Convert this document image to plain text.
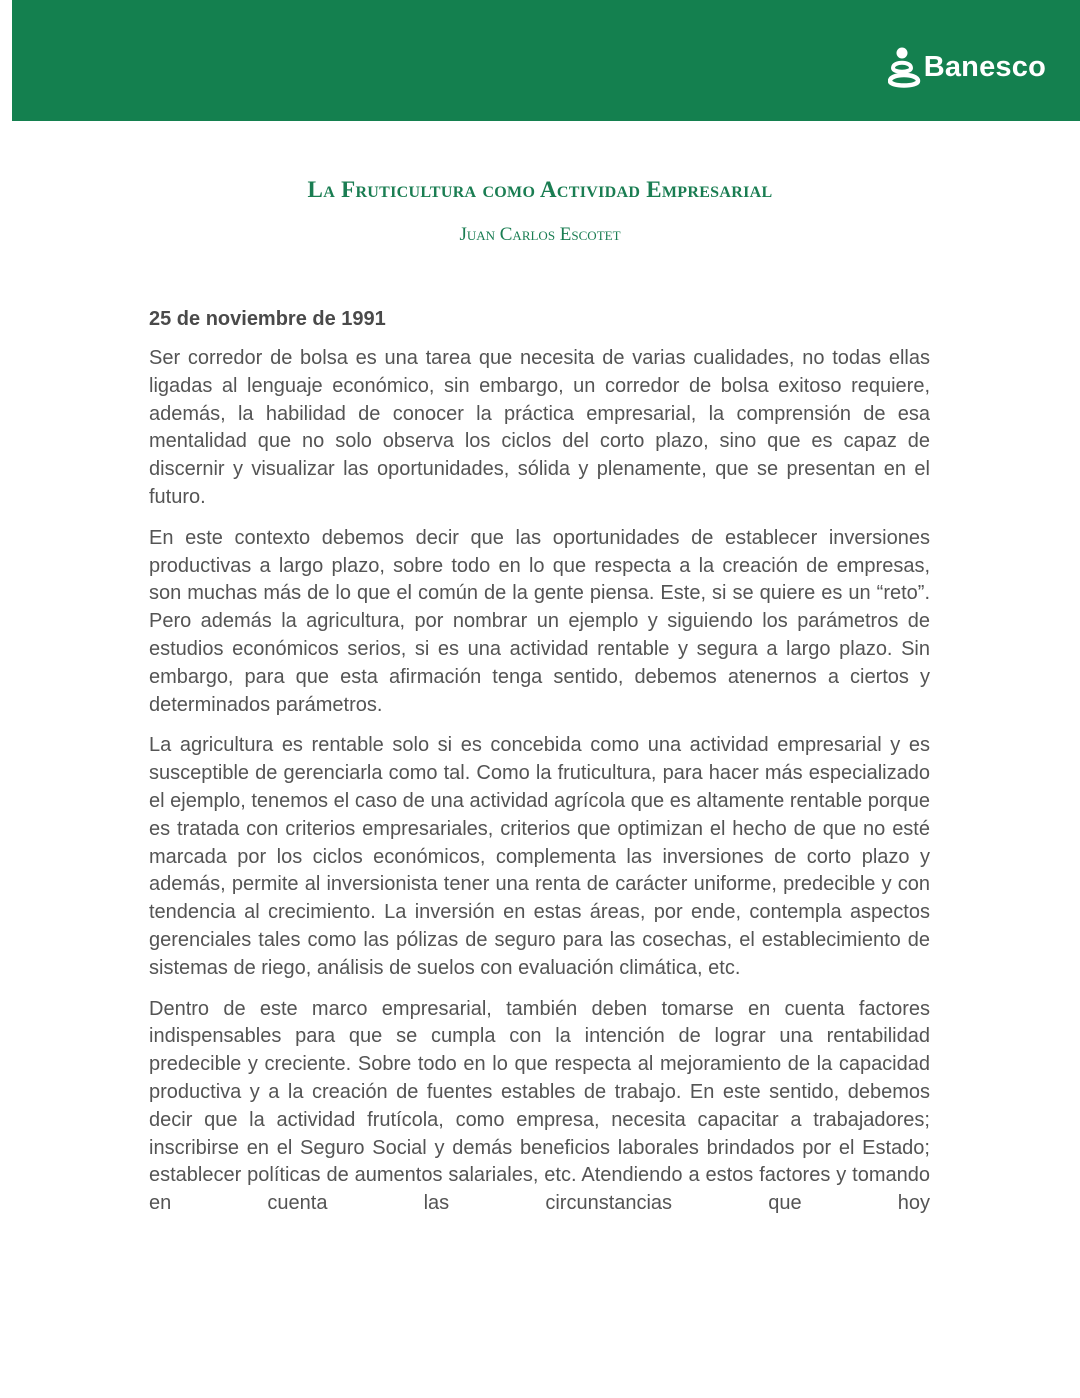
Banesco
La Fruticultura como Actividad Empresarial

Juan Carlos Escotet

25 de noviembre de 1991

Ser corredor de bolsa es una tarea que necesita de varias cualidades, no todas ellas ligadas al lenguaje económico, sin embargo, un corredor de bolsa exitoso requiere, además, la habilidad de conocer la práctica empresarial, la comprensión de esa mentalidad que no solo observa los ciclos del corto plazo, sino que es capaz de discernir y visualizar las oportunidades, sólida y plenamente, que se presentan en el futuro.

En este contexto debemos decir que las oportunidades de establecer inversiones productivas a largo plazo, sobre todo en lo que respecta a la creación de empresas, son muchas más de lo que el común de la gente piensa. Este, si se quiere es un “reto”. Pero además la agricultura, por nombrar un ejemplo y siguiendo los parámetros de estudios económicos serios, si es una actividad rentable y segura a largo plazo. Sin embargo, para que esta afirmación tenga sentido, debemos atenernos a ciertos y determinados parámetros.

La agricultura es rentable solo si es concebida como una actividad empresarial y es susceptible de gerenciarla como tal. Como la fruticultura, para hacer más especializado el ejemplo, tenemos el caso de una actividad agrícola que es altamente rentable porque es tratada con criterios empresariales, criterios que optimizan el hecho de que no esté marcada por los ciclos económicos, complementa las inversiones de corto plazo y además, permite al inversionista tener una renta de carácter uniforme, predecible y con tendencia al crecimiento. La inversión en estas áreas, por ende, contempla aspectos gerenciales tales como las pólizas de seguro para las cosechas, el establecimiento de sistemas de riego, análisis de suelos con evaluación climática, etc.

Dentro de este marco empresarial, también deben tomarse en cuenta factores indispensables para que se cumpla con la intención de lograr una rentabilidad predecible y creciente. Sobre todo en lo que respecta al mejoramiento de la capacidad productiva y a la creación de fuentes estables de trabajo. En este sentido, debemos decir que la actividad frutícola, como empresa, necesita capacitar a trabajadores; inscribirse en el Seguro Social y demás beneficios laborales brindados por el Estado; establecer políticas de aumentos salariales, etc. Atendiendo a estos factores y tomando en cuenta las circunstancias que hoy
